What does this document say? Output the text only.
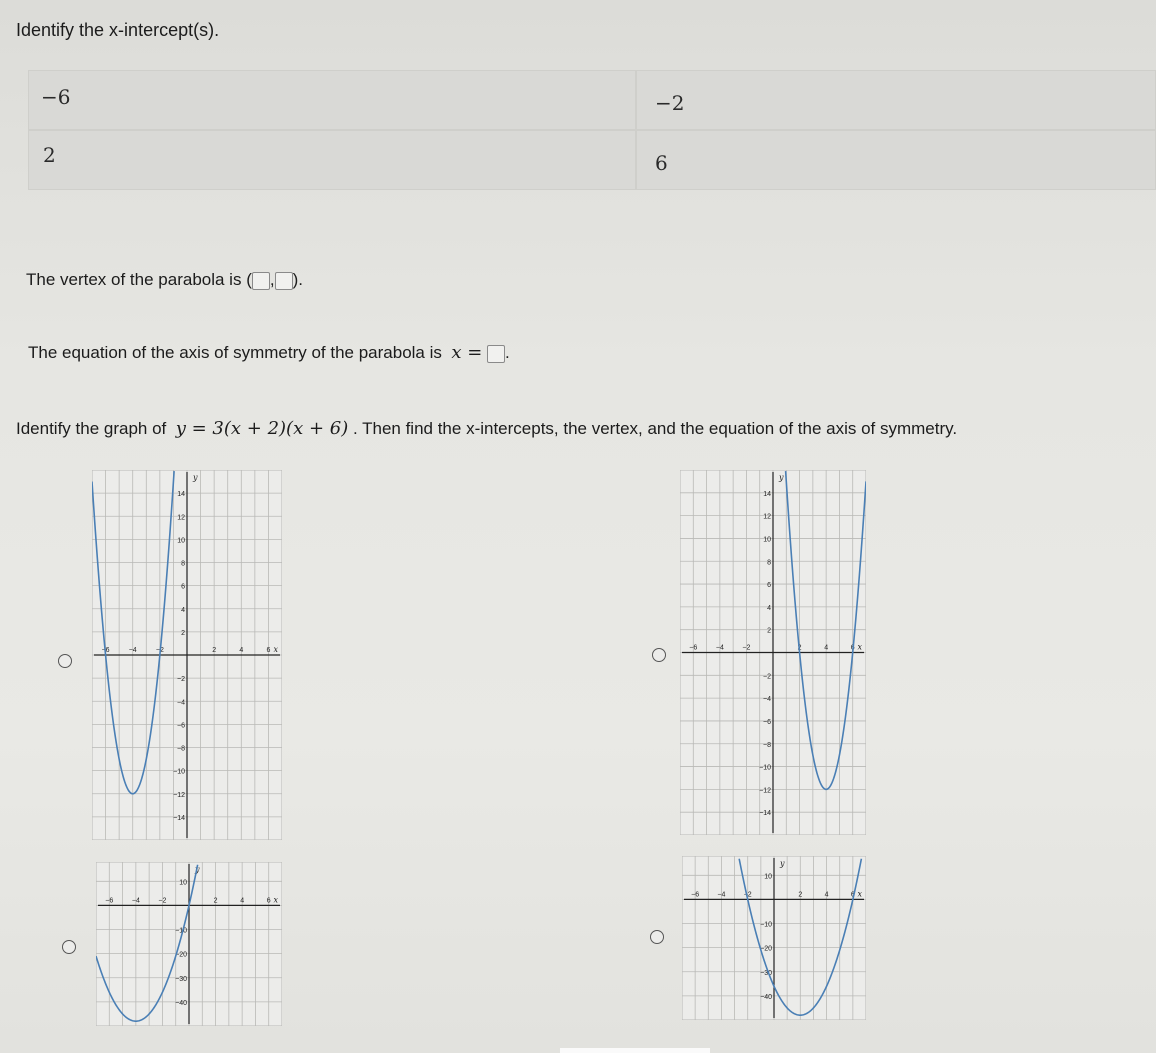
Identify the x-intercept(s).
−6	−2
2	6
The vertex of the parabola is ( , ).
The equation of the axis of symmetry of the parabola is x = .
Identify the graph of y = 3(x + 2)(x + 6) . Then find the x-intercepts, the vertex, and the equation of the axis of symmetry.
−6	−4	−2	2	4	6
14
12
10
8
6
4
2
−2
−4
−6
−8
−10
−12
−14
x
y
−6	−4	−2	2	4	6
14
12
10
8
6
4
2
−2
−4
−6
−8
−10
−12
−14
x
y
−6	−4	−2	2	4	6
10
−10
−20
−30
−40
x
y
−6	−4	−2	2	4	6
10
−10
−20
−30
−40
x
y
